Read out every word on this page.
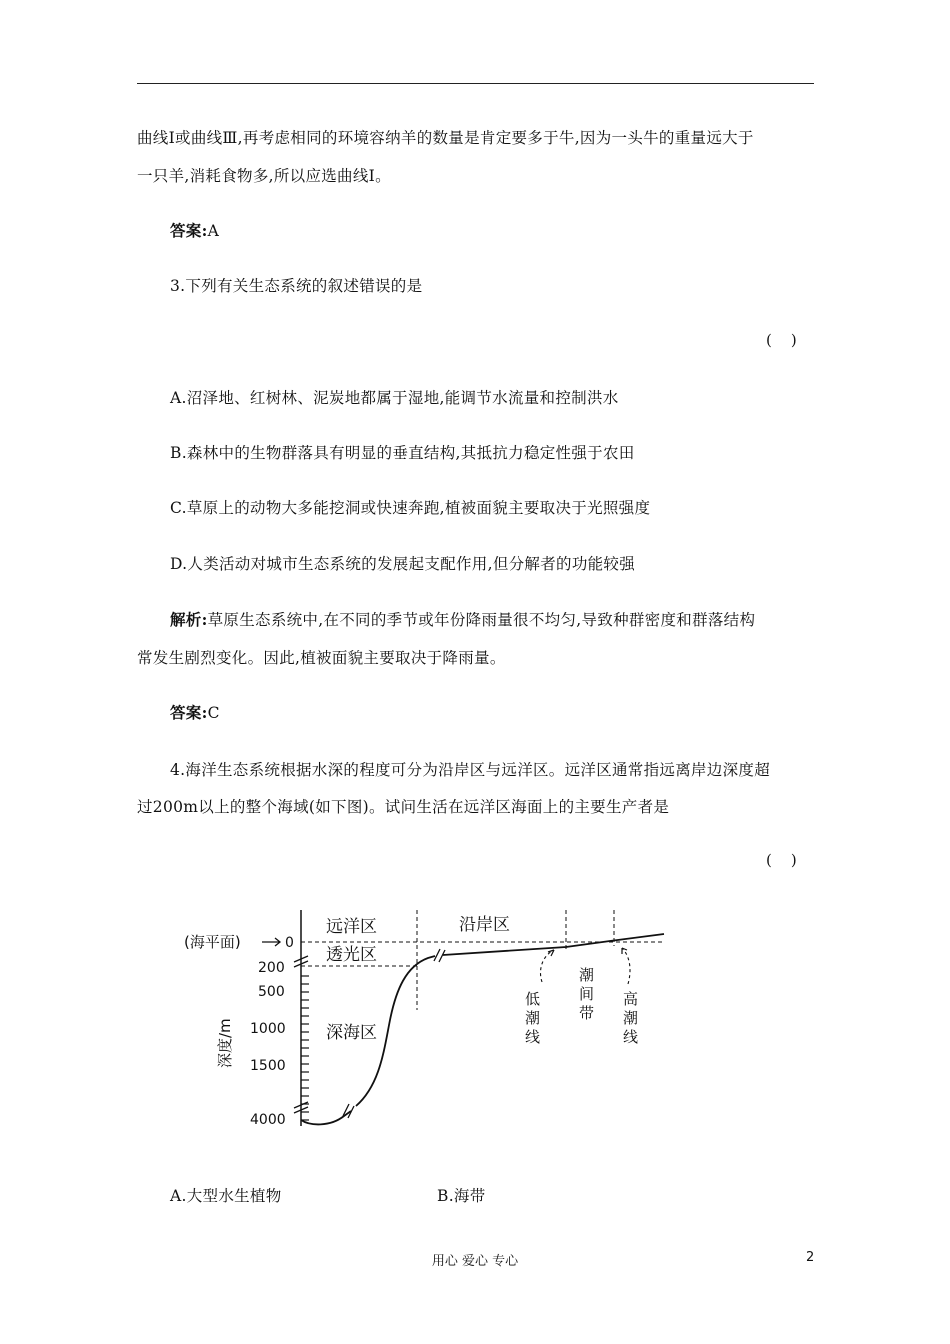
曲线Ⅰ或曲线Ⅲ,再考虑相同的环境容纳羊的数量是肯定要多于牛,因为一头牛的重量远大于
一只羊,消耗食物多,所以应选曲线Ⅰ。
答案:A
3.下列有关生态系统的叙述错误的是
(    )
A.沼泽地、红树林、泥炭地都属于湿地,能调节水流量和控制洪水
B.森林中的生物群落具有明显的垂直结构,其抵抗力稳定性强于农田
C.草原上的动物大多能挖洞或快速奔跑,植被面貌主要取决于光照强度
D.人类活动对城市生态系统的发展起支配作用,但分解者的功能较强
解析:草原生态系统中,在不同的季节或年份降雨量很不均匀,导致种群密度和群落结构
常发生剧烈变化。因此,植被面貌主要取决于降雨量。
答案:C
4.海洋生态系统根据水深的程度可分为沿岸区与远洋区。远洋区通常指远离岸边深度超
过200m以上的整个海域(如下图)。试问生活在远洋区海面上的主要生产者是
(    )
远洋区	沿岸区
透光区
深海区
(海平面)	0
200
500
1000
1500
4000
深度/m
低
潮
线
潮
间
带
高
潮
线
A.大型水生植物	B.海带
用心 爱心 专心	2
